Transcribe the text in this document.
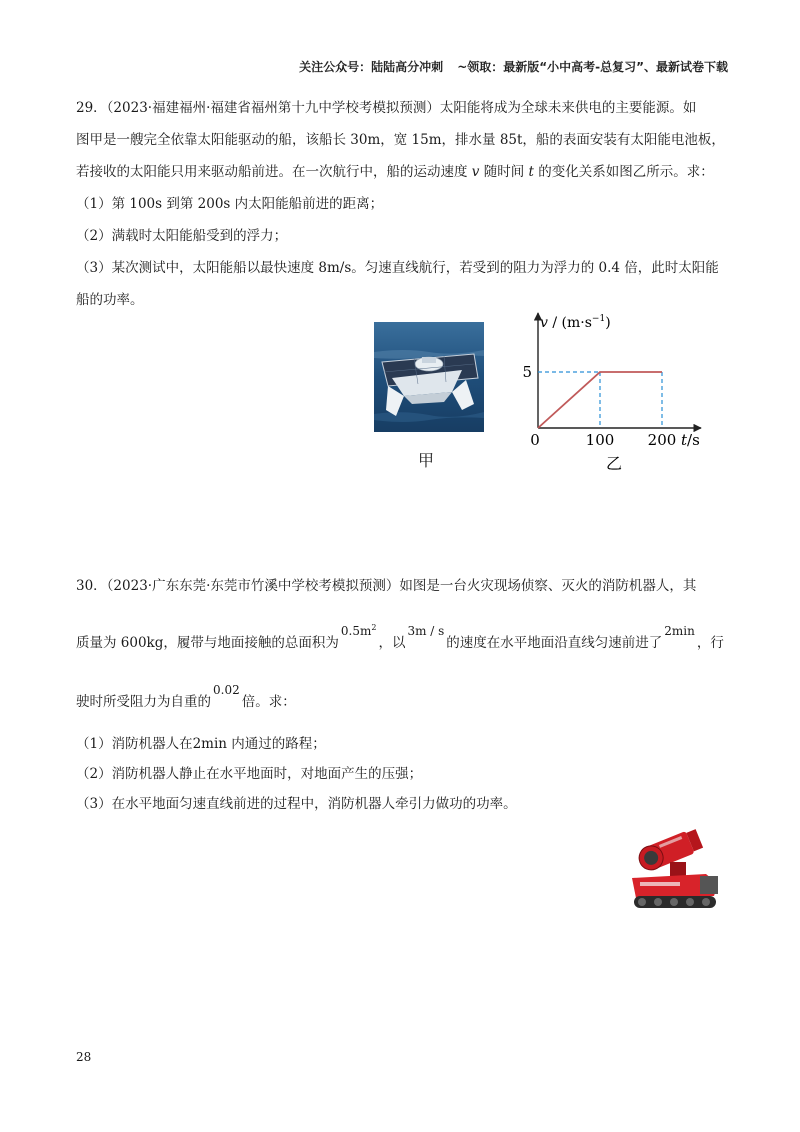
关注公众号：陆陆高分冲刺 ~领取：最新版“小中高考-总复习”、最新试卷下载
29．（2023·福建福州·福建省福州第十九中学校考模拟预测）太阳能将成为全球未来供电的主要能源。如
图甲是一艘完全依靠太阳能驱动的船，该船长 30m，宽 15m，排水量 85t，船的表面安装有太阳能电池板，
若接收的太阳能只用来驱动船前进。在一次航行中，船的运动速度 v 随时间 t 的变化关系如图乙所示。求：
（1）第 100s 到第 200s 内太阳能船前进的距离；
（2）满载时太阳能船受到的浮力；
（3）某次测试中，太阳能船以最快速度 8m/s。匀速直线航行，若受到的阻力为浮力的 0.4 倍，此时太阳能
船的功率。
甲
0	100 200
5
$v / (m\cdot s^{-1})$
t/s
乙
30．（2023·广东东莞·东莞市竹溪中学校考模拟预测）如图是一台火灾现场侦察、灭火的消防机器人，其
质量为 600kg，履带与地面接触的总面积为$0.5m^2$，以3m / s的速度在水平地面沿直线匀速前进了2min，行
驶时所受阻力为自重的0.02倍。求：
（1）消防机器人在2min 内通过的路程；
（2）消防机器人静止在水平地面时，对地面产生的压强；
（3）在水平地面匀速直线前进的过程中，消防机器人牵引力做功的功率。
28
